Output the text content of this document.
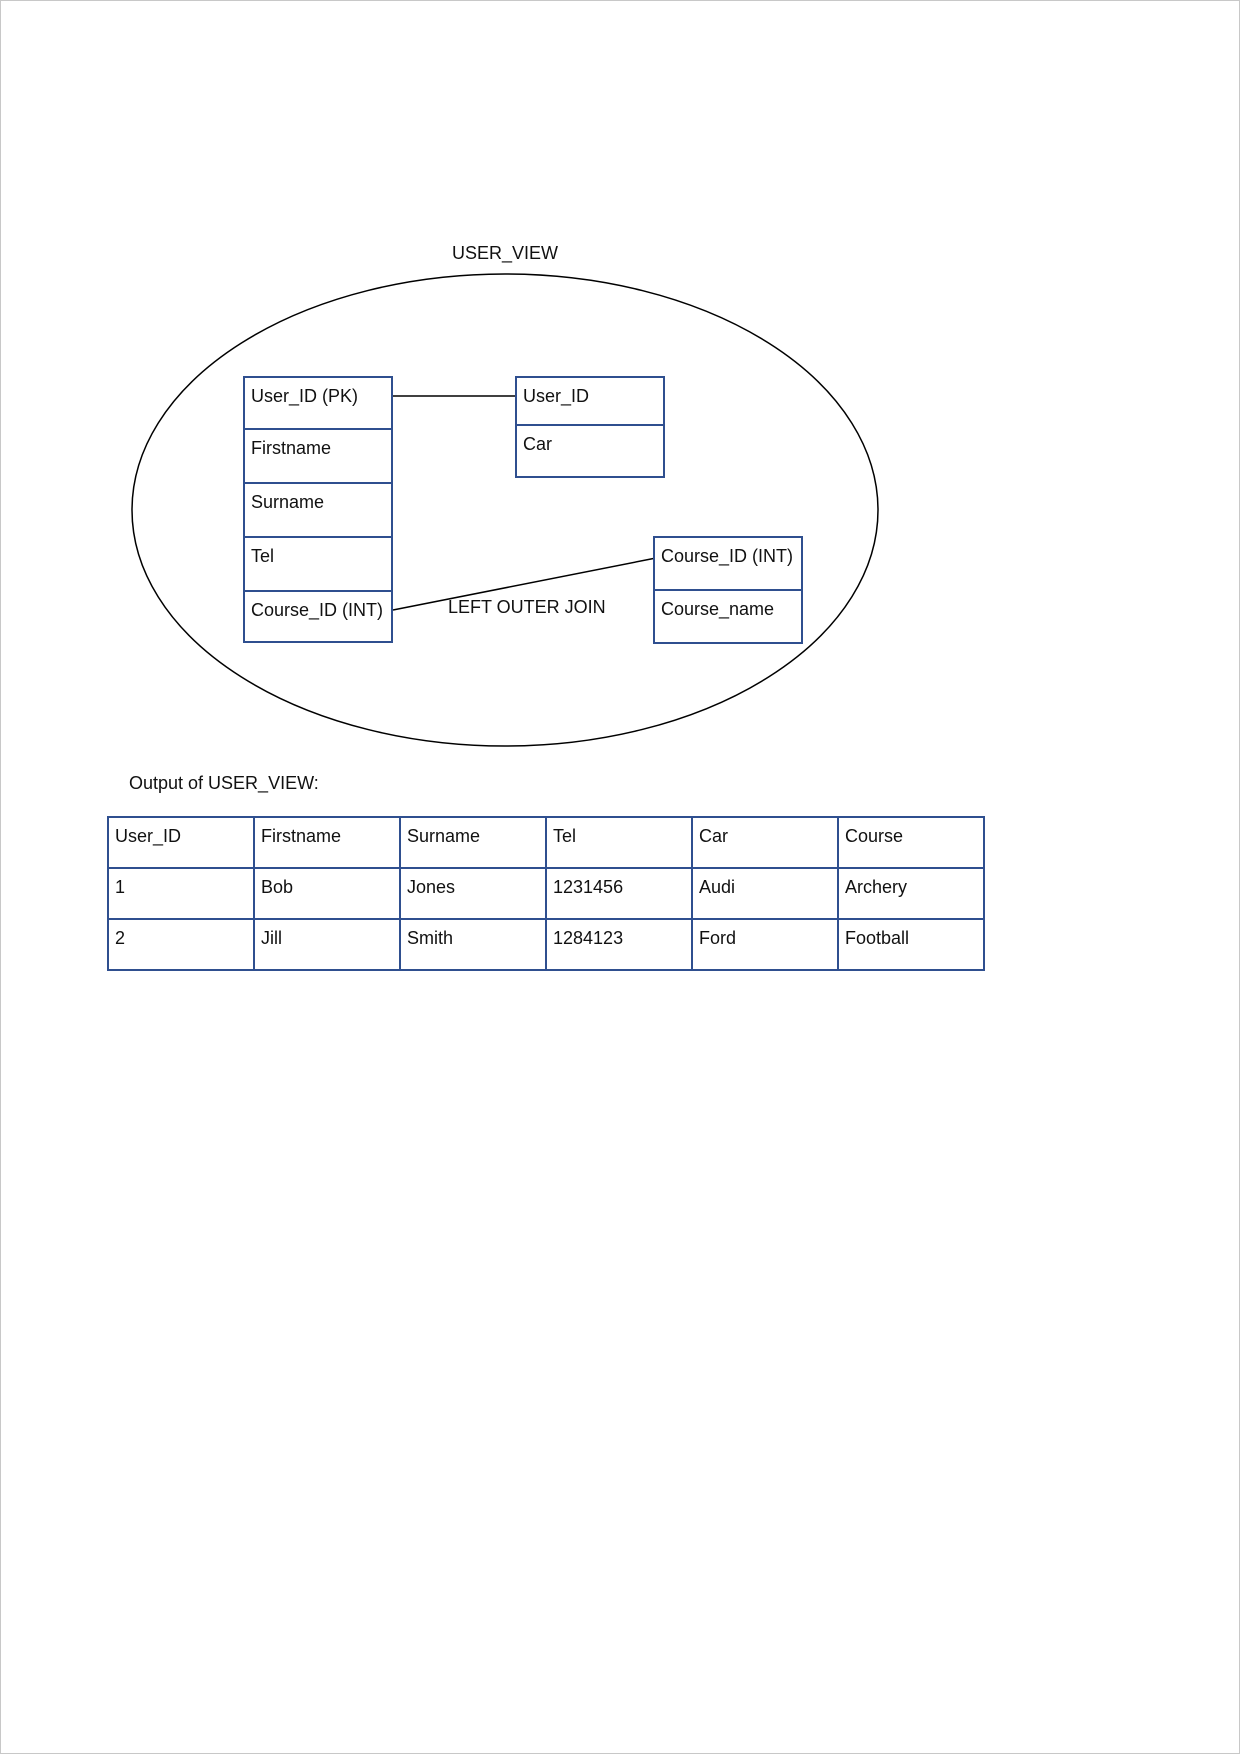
USER_VIEW
User_ID (PK)
Firstname
Surname
Tel
Course_ID (INT)
User_ID
Car
Course_ID (INT)
Course_name
LEFT OUTER JOIN
Output of USER_VIEW:
User_ID	Firstname	Surname	Tel	Car	Course
1	Bob	Jones	1231456	Audi	Archery
2	Jill	Smith	1284123	Ford	Football
